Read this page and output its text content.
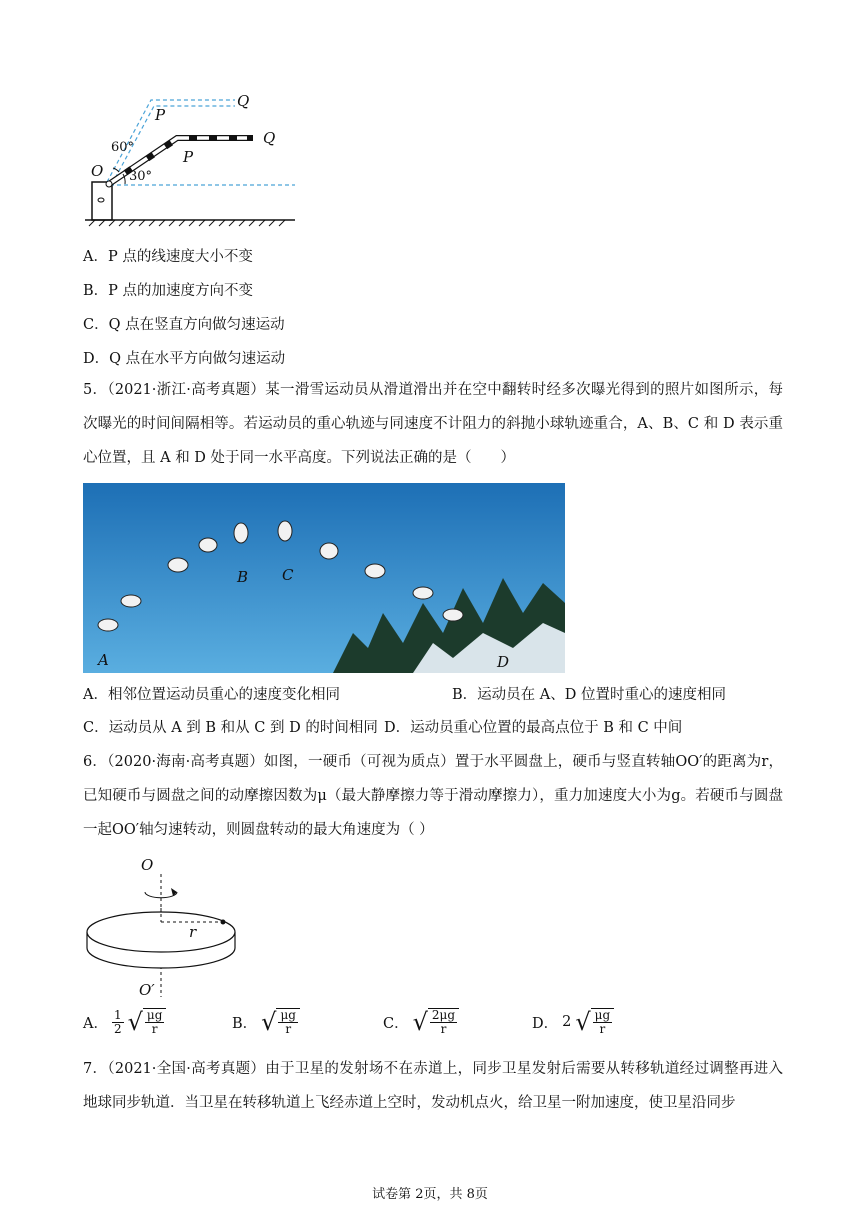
Q
P
O
Q
P
60°
30°
A．P 点的线速度大小不变
B．P 点的加速度方向不变
C．Q 点在竖直方向做匀速运动
D．Q 点在水平方向做匀速运动
5．（2021·浙江·高考真题）某一滑雪运动员从滑道滑出并在空中翻转时经多次曝光得到的照片如图所示，每次曝光的时间间隔相等。若运动员的重心轨迹与同速度不计阻力的斜抛小球轨迹重合，A、B、C 和 D 表示重心位置，且 A 和 D 处于同一水平高度。下列说法正确的是（　　）
A
B C
D
A．相邻位置运动员重心的速度变化相同	B．运动员在 A、D 位置时重心的速度相同
C．运动员从 A 到 B 和从 C 到 D 的时间相同 D．运动员重心位置的最高点位于 B 和 C 中间
6．（2020·海南·高考真题）如图，一硬币（可视为质点）置于水平圆盘上，硬币与竖直转轴OO′的距离为r，已知硬币与圆盘之间的动摩擦因数为μ（最大静摩擦力等于滑动摩擦力），重力加速度大小为g。若硬币与圆盘一起OO′轴匀速转动，则圆盘转动的最大角速度为（ ）
O
O′
r
A． $\frac{1}{2}$ √ $\frac{\mu g}{r}$	B． √ $\frac{\mu g}{r}$	C． √ $\frac{2\mu g}{r}$	D． 2 √ $\frac{\mu g}{r}$
7．（2021·全国·高考真题）由于卫星的发射场不在赤道上，同步卫星发射后需要从转移轨道经过调整再进入地球同步轨道．当卫星在转移轨道上飞经赤道上空时，发动机点火，给卫星一附加速度，使卫星沿同步
试卷第 2页，共 8页
